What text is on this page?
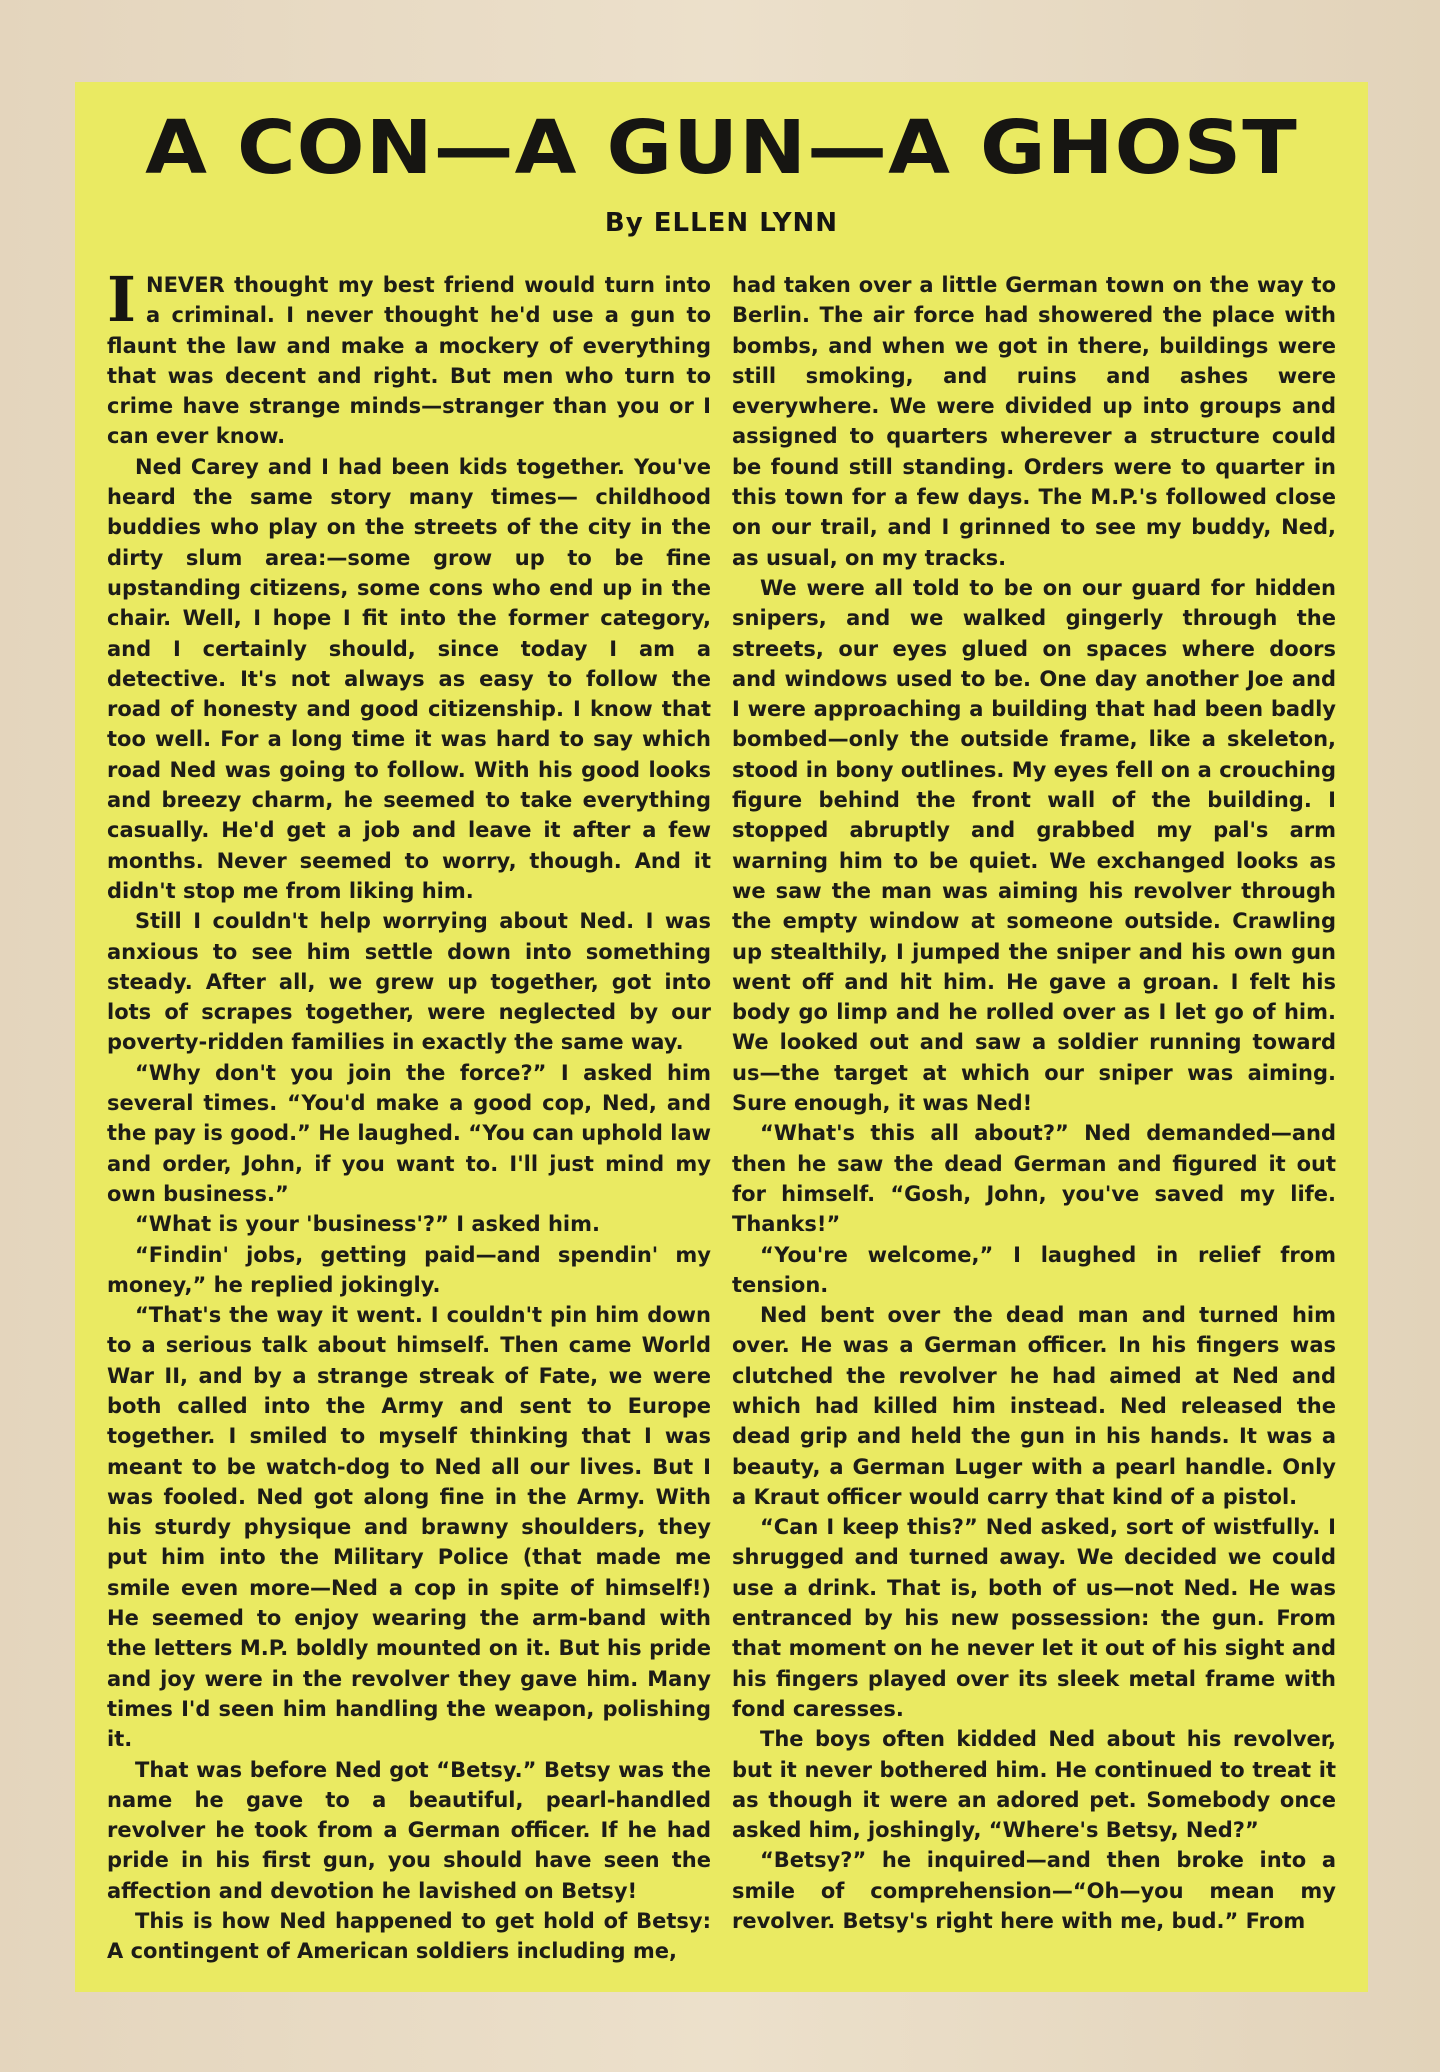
A CON—A GUN—A GHOST
By ELLEN LYNN

I NEVER thought my best friend would turn into a criminal. I never thought he'd use a gun to flaunt the law and make a mockery of everything that was decent and right. But men who turn to crime have strange minds—stranger than you or I can ever know.

Ned Carey and I had been kids together. You've heard the same story many times— childhood buddies who play on the streets of the city in the dirty slum area:—some grow up to be fine upstanding citizens, some cons who end up in the chair. Well, I hope I fit into the former category, and I certainly should, since today I am a detective. It's not always as easy to follow the road of honesty and good citizenship. I know that too well. For a long time it was hard to say which road Ned was going to follow. With his good looks and breezy charm, he seemed to take everything casually. He'd get a job and leave it after a few months. Never seemed to worry, though. And it didn't stop me from liking him.

Still I couldn't help worrying about Ned. I was anxious to see him settle down into something steady. After all, we grew up together, got into lots of scrapes together, were neglected by our poverty-ridden families in exactly the same way.

“Why don't you join the force?” I asked him several times. “You'd make a good cop, Ned, and the pay is good.” He laughed. “You can uphold law and order, John, if you want to. I'll just mind my own business.”

“What is your 'business'?” I asked him.

“Findin' jobs, getting paid—and spendin' my money,” he replied jokingly.

“That's the way it went. I couldn't pin him down to a serious talk about himself. Then came World War II, and by a strange streak of Fate, we were both called into the Army and sent to Europe together. I smiled to myself thinking that I was meant to be watch-dog to Ned all our lives. But I was fooled. Ned got along fine in the Army. With his sturdy physique and brawny shoulders, they put him into the Military Police (that made me smile even more—Ned a cop in spite of himself!) He seemed to enjoy wearing the arm-band with the letters M.P. boldly mounted on it. But his pride and joy were in the revolver they gave him. Many times I'd seen him handling the weapon, polishing it.

That was before Ned got “Betsy.” Betsy was the name he gave to a beautiful, pearl-handled revolver he took from a German officer. If he had pride in his first gun, you should have seen the affection and devotion he lavished on Betsy!

This is how Ned happened to get hold of Betsy: A contingent of American soldiers including me,

had taken over a little German town on the way to Berlin. The air force had showered the place with bombs, and when we got in there, buildings were still smoking, and ruins and ashes were everywhere. We were divided up into groups and assigned to quarters wherever a structure could be found still standing. Orders were to quarter in this town for a few days. The M.P.'s followed close on our trail, and I grinned to see my buddy, Ned, as usual, on my tracks.

We were all told to be on our guard for hidden snipers, and we walked gingerly through the streets, our eyes glued on spaces where doors and windows used to be. One day another Joe and I were approaching a building that had been badly bombed—only the outside frame, like a skeleton, stood in bony outlines. My eyes fell on a crouching figure behind the front wall of the building. I stopped abruptly and grabbed my pal's arm warning him to be quiet. We exchanged looks as we saw the man was aiming his revolver through the empty window at someone outside. Crawling up stealthily, I jumped the sniper and his own gun went off and hit him. He gave a groan. I felt his body go limp and he rolled over as I let go of him. We looked out and saw a soldier running toward us—the target at which our sniper was aiming. Sure enough, it was Ned!

“What's this all about?” Ned demanded—and then he saw the dead German and figured it out for himself. “Gosh, John, you've saved my life. Thanks!”

“You're welcome,” I laughed in relief from tension.

Ned bent over the dead man and turned him over. He was a German officer. In his fingers was clutched the revolver he had aimed at Ned and which had killed him instead. Ned released the dead grip and held the gun in his hands. It was a beauty, a German Luger with a pearl handle. Only a Kraut officer would carry that kind of a pistol.

“Can I keep this?” Ned asked, sort of wistfully. I shrugged and turned away. We decided we could use a drink. That is, both of us—not Ned. He was entranced by his new possession: the gun. From that moment on he never let it out of his sight and his fingers played over its sleek metal frame with fond caresses.

The boys often kidded Ned about his revolver, but it never bothered him. He continued to treat it as though it were an adored pet. Somebody once asked him, joshingly, “Where's Betsy, Ned?”

“Betsy?” he inquired—and then broke into a smile of comprehension—“Oh—you mean my revolver. Betsy's right here with me, bud.” From
